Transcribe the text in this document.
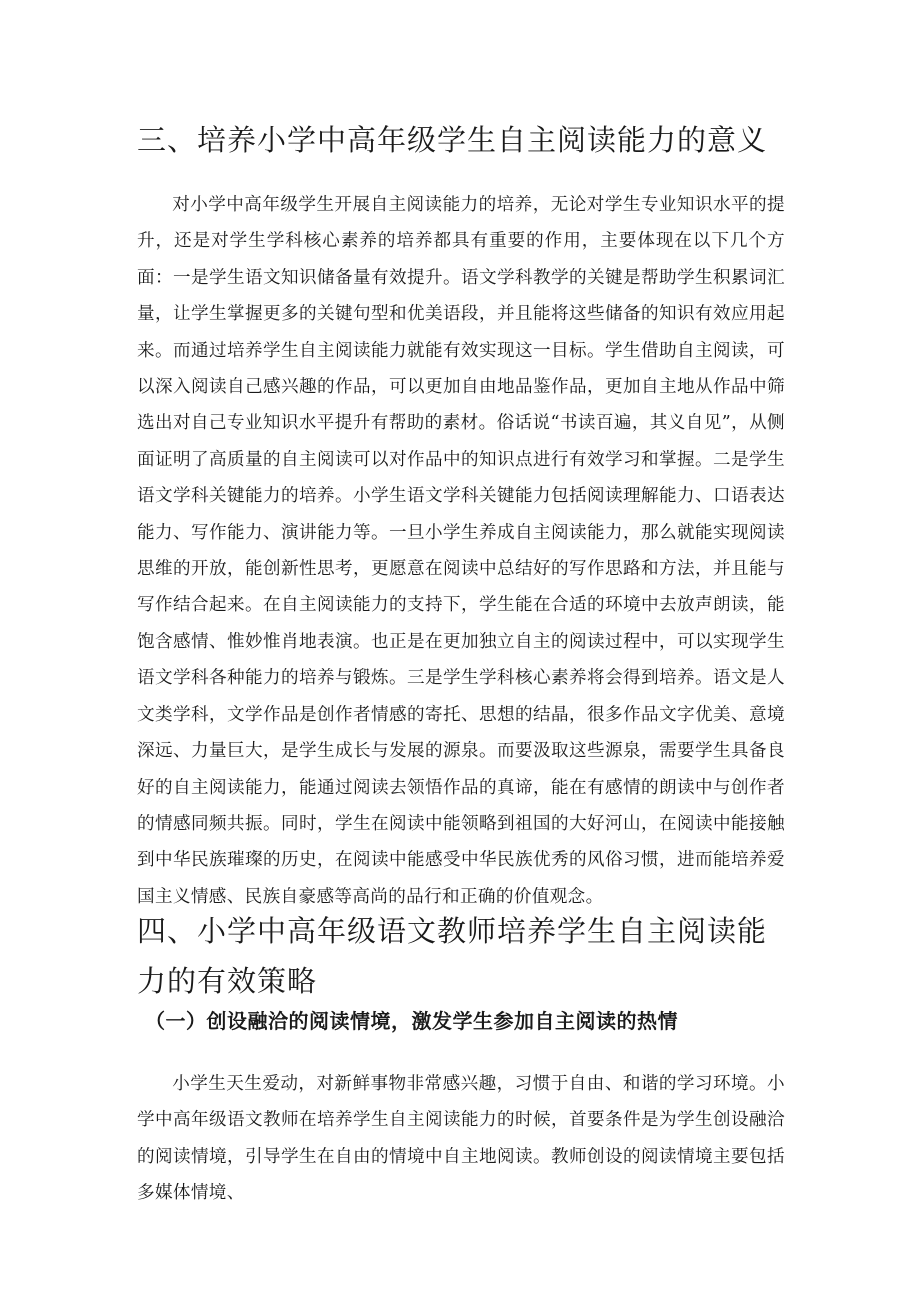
三、培养小学中高年级学生自主阅读能力的意义

对小学中高年级学生开展自主阅读能力的培养，无论对学生专业知识水平的提升，还是对学生学科核心素养的培养都具有重要的作用，主要体现在以下几个方面：一是学生语文知识储备量有效提升。语文学科教学的关键是帮助学生积累词汇量，让学生掌握更多的关键句型和优美语段，并且能将这些储备的知识有效应用起来。而通过培养学生自主阅读能力就能有效实现这一目标。学生借助自主阅读，可以深入阅读自己感兴趣的作品，可以更加自由地品鉴作品，更加自主地从作品中筛选出对自己专业知识水平提升有帮助的素材。俗话说“书读百遍，其义自见”，从侧面证明了高质量的自主阅读可以对作品中的知识点进行有效学习和掌握。二是学生语文学科关键能力的培养。小学生语文学科关键能力包括阅读理解能力、口语表达能力、写作能力、演讲能力等。一旦小学生养成自主阅读能力，那么就能实现阅读思维的开放，能创新性思考，更愿意在阅读中总结好的写作思路和方法，并且能与写作结合起来。在自主阅读能力的支持下，学生能在合适的环境中去放声朗读，能饱含感情、惟妙惟肖地表演。也正是在更加独立自主的阅读过程中，可以实现学生语文学科各种能力的培养与锻炼。三是学生学科核心素养将会得到培养。语文是人文类学科，文学作品是创作者情感的寄托、思想的结晶，很多作品文字优美、意境深远、力量巨大，是学生成长与发展的源泉。而要汲取这些源泉，需要学生具备良好的自主阅读能力，能通过阅读去领悟作品的真谛，能在有感情的朗读中与创作者的情感同频共振。同时，学生在阅读中能领略到祖国的大好河山，在阅读中能接触到中华民族璀璨的历史，在阅读中能感受中华民族优秀的风俗习惯，进而能培养爱国主义情感、民族自豪感等高尚的品行和正确的价值观念。

四、小学中高年级语文教师培养学生自主阅读能力的有效策略
（一）创设融洽的阅读情境，激发学生参加自主阅读的热情

小学生天生爱动，对新鲜事物非常感兴趣，习惯于自由、和谐的学习环境。小学中高年级语文教师在培养学生自主阅读能力的时候，首要条件是为学生创设融洽的阅读情境，引导学生在自由的情境中自主地阅读。教师创设的阅读情境主要包括多媒体情境、
